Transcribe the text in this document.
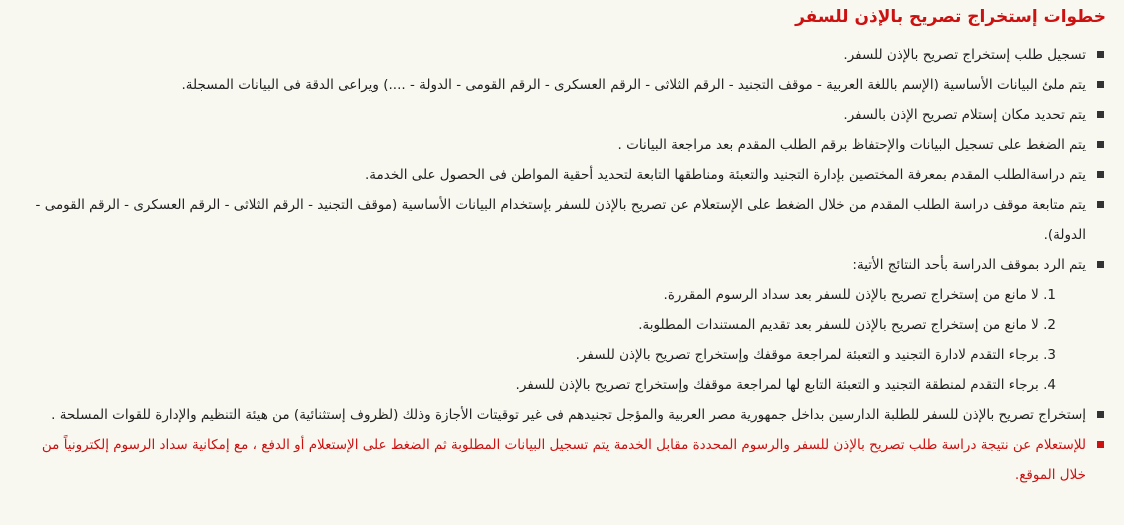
خطوات إستخراج تصريح بالإذن للسفر
تسجيل طلب إستخراج تصريح بالإذن للسفر.
يتم ملئ البيانات الأساسية (الإسم باللغة العربية - موقف التجنيد - الرقم الثلاثى - الرقم العسكرى - الرقم القومى - الدولة - ....) ويراعى الدقة فى البيانات المسجلة.
يتم تحديد مكان إستلام تصريح الإذن بالسفر.
يتم الضغط على تسجيل البيانات والإحتفاظ برقم الطلب المقدم بعد مراجعة البيانات .
يتم دراسةالطلب المقدم بمعرفة المختصين بإدارة التجنيد والتعبئة ومناطقها التابعة لتحديد أحقية المواطن فى الحصول على الخدمة.
يتم متابعة موقف دراسة الطلب المقدم من خلال الضغط على الإستعلام عن تصريح بالإذن للسفر بإستخدام البيانات الأساسية (موقف التجنيد - الرقم الثلاثى - الرقم العسكرى - الرقم القومى - الدولة).
يتم الرد بموقف الدراسة بأحد النتائج الأتية:
1. لا مانع من إستخراج تصريح بالإذن للسفر بعد سداد الرسوم المقررة.
2. لا مانع من إستخراج تصريح بالإذن للسفر بعد تقديم المستندات المطلوبة.
3. برجاء التقدم لادارة التجنيد و التعبئة لمراجعة موقفك وإستخراج تصريح بالإذن للسفر.
4. برجاء التقدم لمنطقة التجنيد و التعبئة التابع لها لمراجعة موقفك وإستخراج تصريح بالإذن للسفر.
إستخراج تصريح بالإذن للسفر للطلبة الدارسين بداخل جمهورية مصر العربية والمؤجل تجنيدهم فى غير توقيتات الأجازة وذلك (لظروف إستثنائية) من هيئة التنظيم والإدارة للقوات المسلحة .
للإستعلام عن نتيجة دراسة طلب تصريح بالإذن للسفر والرسوم المحددة مقابل الخدمة يتم تسجيل البيانات المطلوبة ثم الضغط على الإستعلام أو الدفع ، مع إمكانية سداد الرسوم إلكترونياً من خلال الموقع.
